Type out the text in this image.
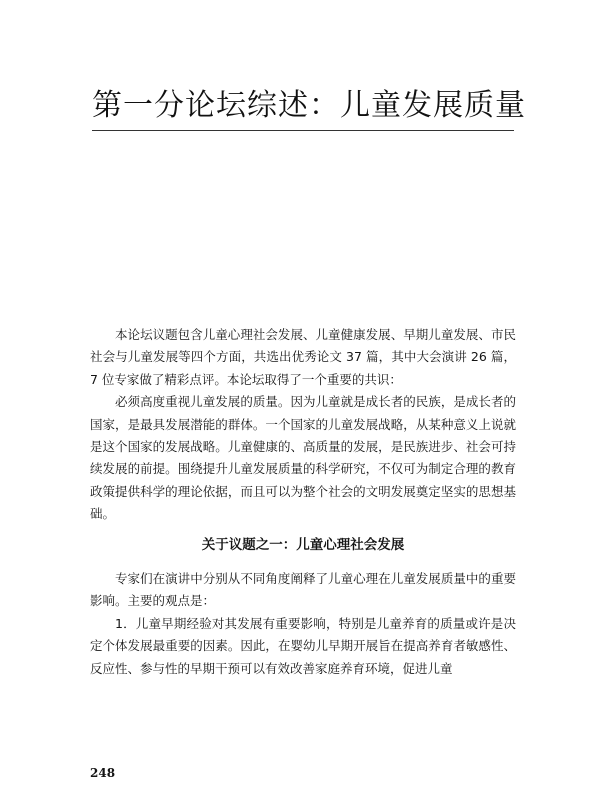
第一分论坛综述：儿童发展质量

本论坛议题包含儿童心理社会发展、儿童健康发展、早期儿童发展、市民社会与儿童发展等四个方面，共选出优秀论文 37 篇，其中大会演讲 26 篇，7 位专家做了精彩点评。本论坛取得了一个重要的共识：

必须高度重视儿童发展的质量。因为儿童就是成长者的民族，是成长者的国家，是最具发展潜能的群体。一个国家的儿童发展战略，从某种意义上说就是这个国家的发展战略。儿童健康的、高质量的发展，是民族进步、社会可持续发展的前提。围绕提升儿童发展质量的科学研究，不仅可为制定合理的教育政策提供科学的理论依据，而且可以为整个社会的文明发展奠定坚实的思想基础。

关于议题之一：儿童心理社会发展

专家们在演讲中分别从不同角度阐释了儿童心理在儿童发展质量中的重要影响。主要的观点是：

1．儿童早期经验对其发展有重要影响，特别是儿童养育的质量或许是决定个体发展最重要的因素。因此，在婴幼儿早期开展旨在提高养育者敏感性、反应性、参与性的早期干预可以有效改善家庭养育环境，促进儿童

248
